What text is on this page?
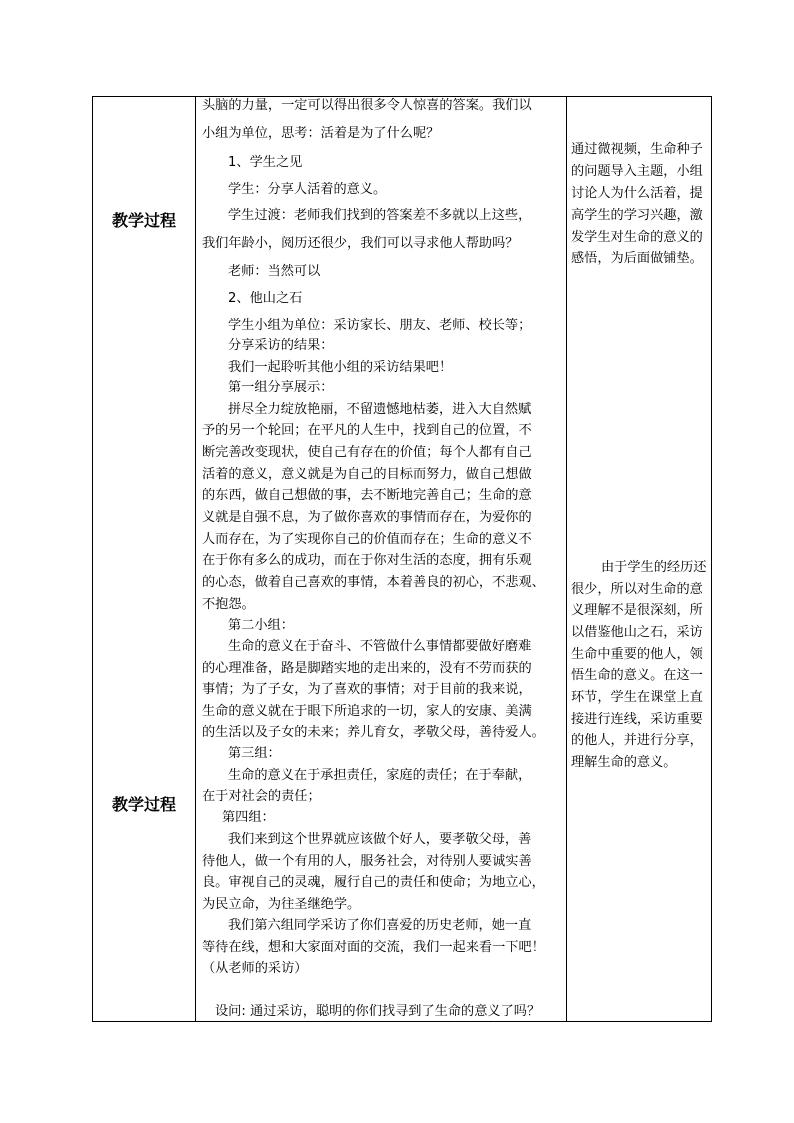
教学过程
教学过程
头脑的力量，一定可以得出很多令人惊喜的答案。我们以
小组为单位，思考：活着是为了什么呢？
1、学生之见
学生：分享人活着的意义。
学生过渡：老师我们找到的答案差不多就以上这些，
我们年龄小，阅历还很少，我们可以寻求他人帮助吗？
老师：当然可以
2、他山之石
学生小组为单位：采访家长、朋友、老师、校长等；
分享采访的结果：
我们一起聆听其他小组的采访结果吧！
第一组分享展示：
拼尽全力绽放艳丽，不留遗憾地枯萎，进入大自然赋
予的另一个轮回；在平凡的人生中，找到自己的位置，不
断完善改变现状，使自己有存在的价值；每个人都有自己
活着的意义，意义就是为自己的目标而努力，做自己想做
的东西，做自己想做的事，去不断地完善自己；生命的意
义就是自强不息，为了做你喜欢的事情而存在，为爱你的
人而存在，为了实现你自己的价值而存在；生命的意义不
在于你有多么的成功，而在于你对生活的态度，拥有乐观
的心态，做着自己喜欢的事情，本着善良的初心，不悲观、
不抱怨。
第二小组：
生命的意义在于奋斗、不管做什么事情都要做好磨难
的心理准备，路是脚踏实地的走出来的，没有不劳而获的
事情；为了子女，为了喜欢的事情；对于目前的我来说，
生命的意义就在于眼下所追求的一切，家人的安康、美满
的生活以及子女的未来；养儿育女，孝敬父母，善待爱人。
第三组：
生命的意义在于承担责任，家庭的责任；在于奉献，
在于对社会的责任；
第四组：
我们来到这个世界就应该做个好人，要孝敬父母，善
待他人，做一个有用的人，服务社会，对待别人要诚实善
良。审视自己的灵魂，履行自己的责任和使命；为地立心，
为民立命，为往圣继绝学。
我们第六组同学采访了你们喜爱的历史老师，她一直
等待在线，想和大家面对面的交流，我们一起来看一下吧！
（从老师的采访）
设问: 通过采访，聪明的你们找寻到了生命的意义了吗？
通过微视频，生命种子
的问题导入主题，小组
讨论人为什么活着，提
高学生的学习兴趣，激
发学生对生命的意义的
感悟，为后面做铺垫。
由于学生的经历还
很少，所以对生命的意
义理解不是很深刻，所
以借鉴他山之石，采访
生命中重要的他人，领
悟生命的意义。在这一
环节，学生在课堂上直
接进行连线，采访重要
的他人，并进行分享，
理解生命的意义。
